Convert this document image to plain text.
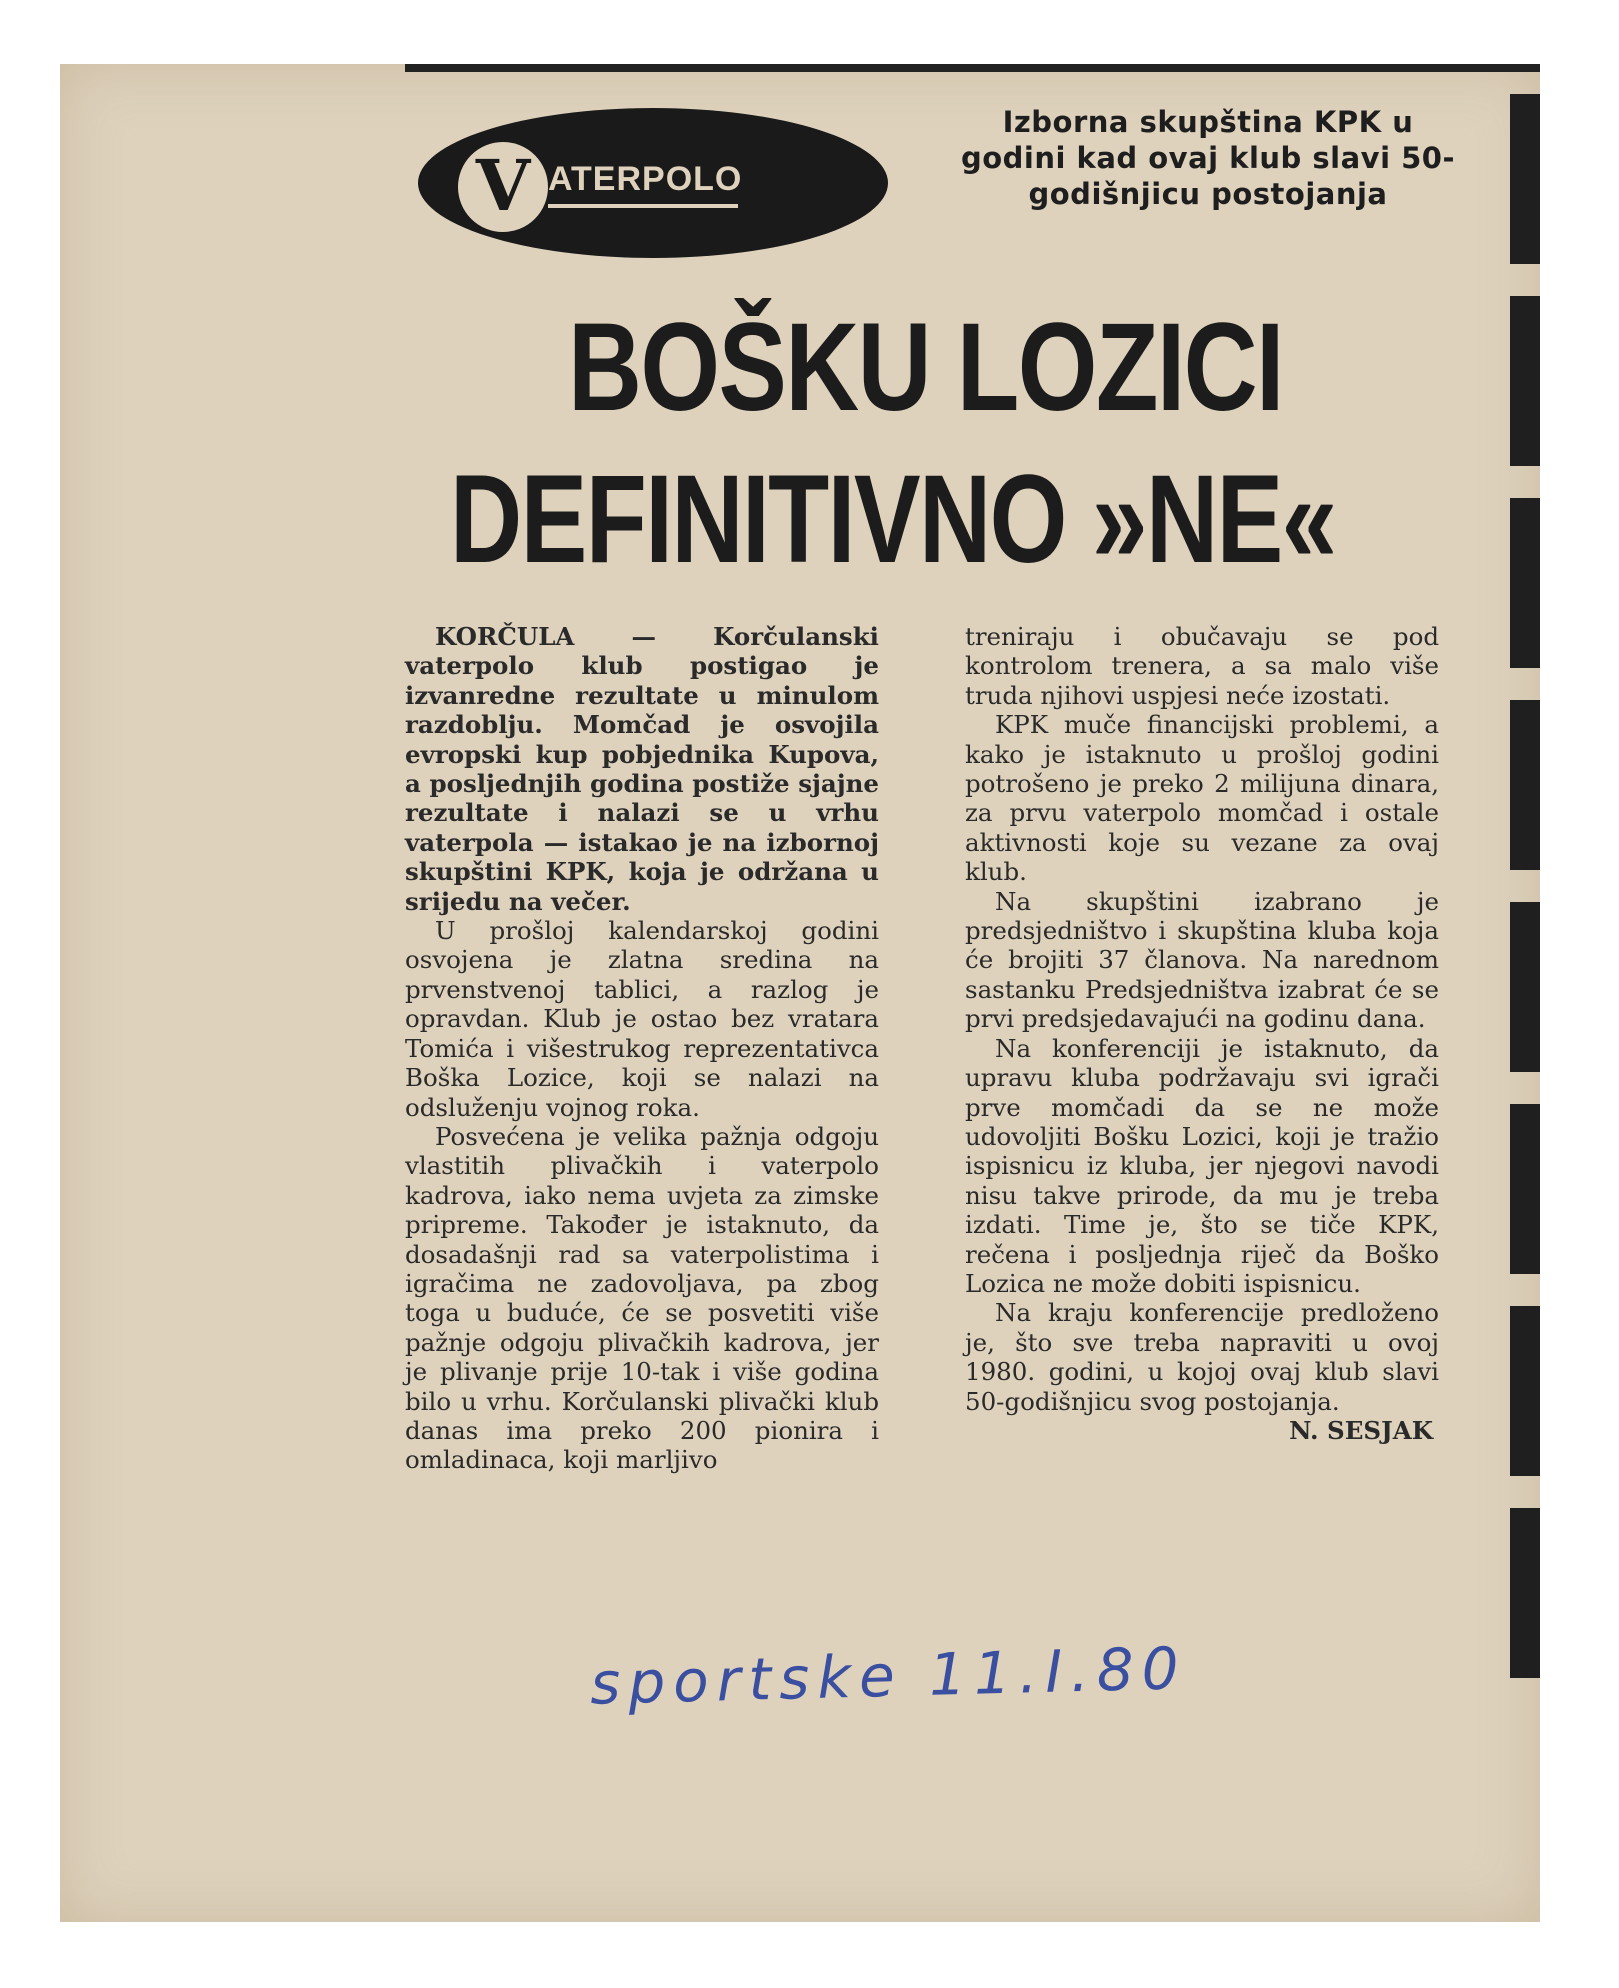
V ATERPOLO
Izborna skupština KPK u godini kad ovaj klub slavi 50-godišnjicu postojanja
BOŠKU LOZICI
DEFINITIVNO »NE«

KORČULA — Korčulanski vaterpolo klub postigao je izvanredne rezultate u minulom razdoblju. Momčad je osvojila evropski kup pobjednika Kupova, a posljednjih godina postiže sjajne rezultate i nalazi se u vrhu vaterpola — istakao je na izbornoj skupštini KPK, koja je održana u srijedu na večer.

U prošloj kalendarskoj godini osvojena je zlatna sredina na prvenstvenoj tablici, a razlog je opravdan. Klub je ostao bez vratara Tomića i višestrukog reprezentativca Boška Lozice, koji se nalazi na odsluženju vojnog roka.

Posvećena je velika pažnja odgoju vlastitih plivačkih i vaterpolo kadrova, iako nema uvjeta za zimske pripreme. Također je istaknuto, da dosadašnji rad sa vaterpolistima i igračima ne zadovoljava, pa zbog toga u buduće, će se posvetiti više pažnje odgoju plivačkih kadrova, jer je plivanje prije 10-tak i više godina bilo u vrhu. Korčulanski plivački klub danas ima preko 200 pionira i omladinaca, koji marljivo

treniraju i obučavaju se pod kontrolom trenera, a sa malo više truda njihovi uspjesi neće izostati.

KPK muče financijski problemi, a kako je istaknuto u prošloj godini potrošeno je preko 2 milijuna dinara, za prvu vaterpolo momčad i ostale aktivnosti koje su vezane za ovaj klub.

Na skupštini izabrano je predsjedništvo i skupština kluba koja će brojiti 37 članova. Na narednom sastanku Predsjedništva izabrat će se prvi predsjedavajući na godinu dana.

Na konferenciji je istaknuto, da upravu kluba podržavaju svi igrači prve momčadi da se ne može udovoljiti Bošku Lozici, koji je tražio ispisnicu iz kluba, jer njegovi navodi nisu takve prirode, da mu je treba izdati. Time je, što se tiče KPK, rečena i posljednja riječ da Boško Lozica ne može dobiti ispisnicu.

Na kraju konferencije predloženo je, što sve treba napraviti u ovoj 1980. godini, u kojoj ovaj klub slavi 50-godišnjicu svog postojanja.

N. SESJAK
sportske 11.I.80
